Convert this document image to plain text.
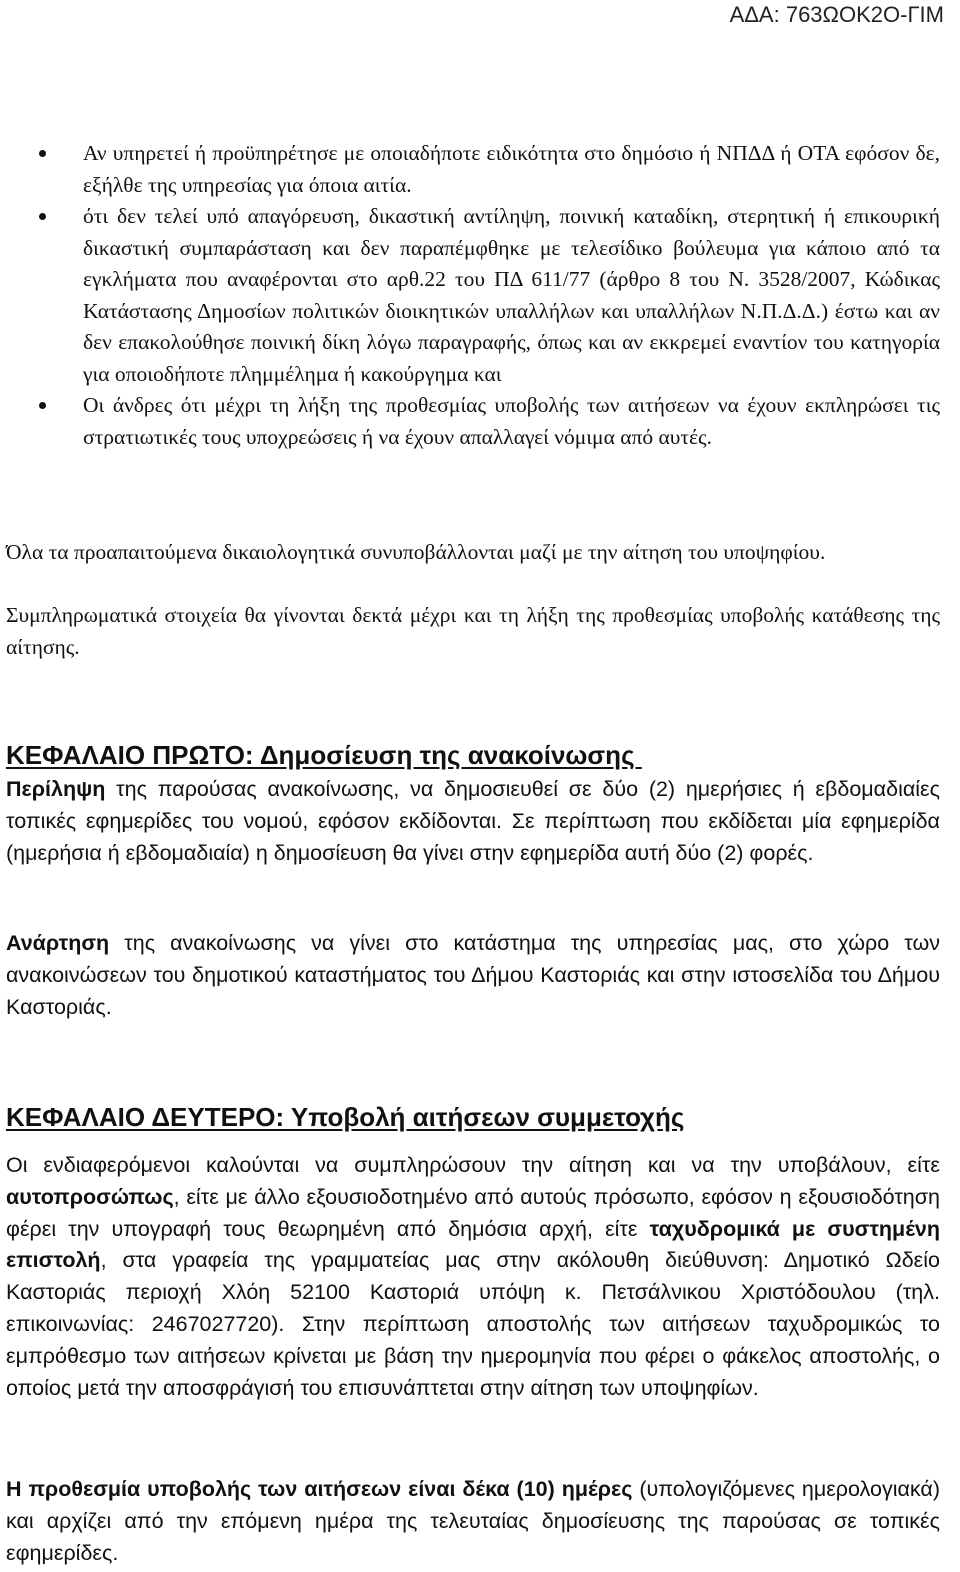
ΑΔΑ: 763ΩΟΚ2Ο-ΓΙΜ
Αν υπηρετεί ή προϋπηρέτησε με οποιαδήποτε ειδικότητα στο δημόσιο ή ΝΠΔΔ ή ΟΤΑ εφόσον δε, εξήλθε της υπηρεσίας για όποια αιτία.
ότι δεν τελεί υπό απαγόρευση, δικαστική αντίληψη, ποινική καταδίκη, στερητική ή επικουρική δικαστική συμπαράσταση και δεν παραπέμφθηκε με τελεσίδικο βούλευμα για κάποιο από τα εγκλήματα που αναφέρονται στο αρθ.22 του ΠΔ 611/77 (άρθρο 8 του Ν. 3528/2007, Κώδικας Κατάστασης Δημοσίων πολιτικών διοικητικών υπαλλήλων και υπαλλήλων Ν.Π.Δ.Δ.) έστω και αν δεν επακολούθησε ποινική δίκη λόγω παραγραφής, όπως και αν εκκρεμεί εναντίον του κατηγορία για οποιοδήποτε πλημμέλημα ή κακούργημα και
Οι άνδρες ότι μέχρι τη λήξη της προθεσμίας υποβολής των αιτήσεων να έχουν εκπληρώσει τις στρατιωτικές τους υποχρεώσεις ή να έχουν απαλλαγεί νόμιμα από αυτές.

Όλα τα προαπαιτούμενα δικαιολογητικά συνυποβάλλονται μαζί με την αίτηση του υποψηφίου.

Συμπληρωματικά στοιχεία θα γίνονται δεκτά μέχρι και τη λήξη της προθεσμίας υποβολής κατάθεσης της αίτησης.

ΚΕΦΑΛΑΙΟ ΠΡΩΤΟ: Δημοσίευση της ανακοίνωσης

Περίληψη της παρούσας ανακοίνωσης, να δημοσιευθεί σε δύο (2) ημερήσιες ή εβδομαδιαίες τοπικές εφημερίδες του νομού, εφόσον εκδίδονται. Σε περίπτωση που εκδίδεται μία εφημερίδα (ημερήσια ή εβδομαδιαία) η δημοσίευση θα γίνει στην εφημερίδα αυτή δύο (2) φορές.

Ανάρτηση της ανακοίνωσης να γίνει στο κατάστημα της υπηρεσίας μας, στο χώρο των ανακοινώσεων του δημοτικού καταστήματος του Δήμου Καστοριάς και στην ιστοσελίδα του Δήμου Καστοριάς.

ΚΕΦΑΛΑΙΟ ΔΕΥΤΕΡΟ: Υποβολή αιτήσεων συμμετοχής

Οι ενδιαφερόμενοι καλούνται να συμπληρώσουν την αίτηση και να την υποβάλουν, είτε αυτοπροσώπως, είτε με άλλο εξουσιοδοτημένο από αυτούς πρόσωπο, εφόσον η εξουσιοδότηση φέρει την υπογραφή τους θεωρημένη από δημόσια αρχή, είτε ταχυδρομικά με συστημένη επιστολή, στα γραφεία της γραμματείας μας στην ακόλουθη διεύθυνση: Δημοτικό Ωδείο Καστοριάς περιοχή Χλόη 52100 Καστοριά υπόψη κ. Πετσάλνικου Χριστόδουλου (τηλ. επικοινωνίας: 2467027720). Στην περίπτωση αποστολής των αιτήσεων ταχυδρομικώς το εμπρόθεσμο των αιτήσεων κρίνεται με βάση την ημερομηνία που φέρει ο φάκελος αποστολής, ο οποίος μετά την αποσφράγισή του επισυνάπτεται στην αίτηση των υποψηφίων.

Η προθεσμία υποβολής των αιτήσεων είναι δέκα (10) ημέρες (υπολογιζόμενες ημερολογιακά) και αρχίζει από την επόμενη ημέρα της τελευταίας δημοσίευσης της παρούσας σε τοπικές εφημερίδες.
